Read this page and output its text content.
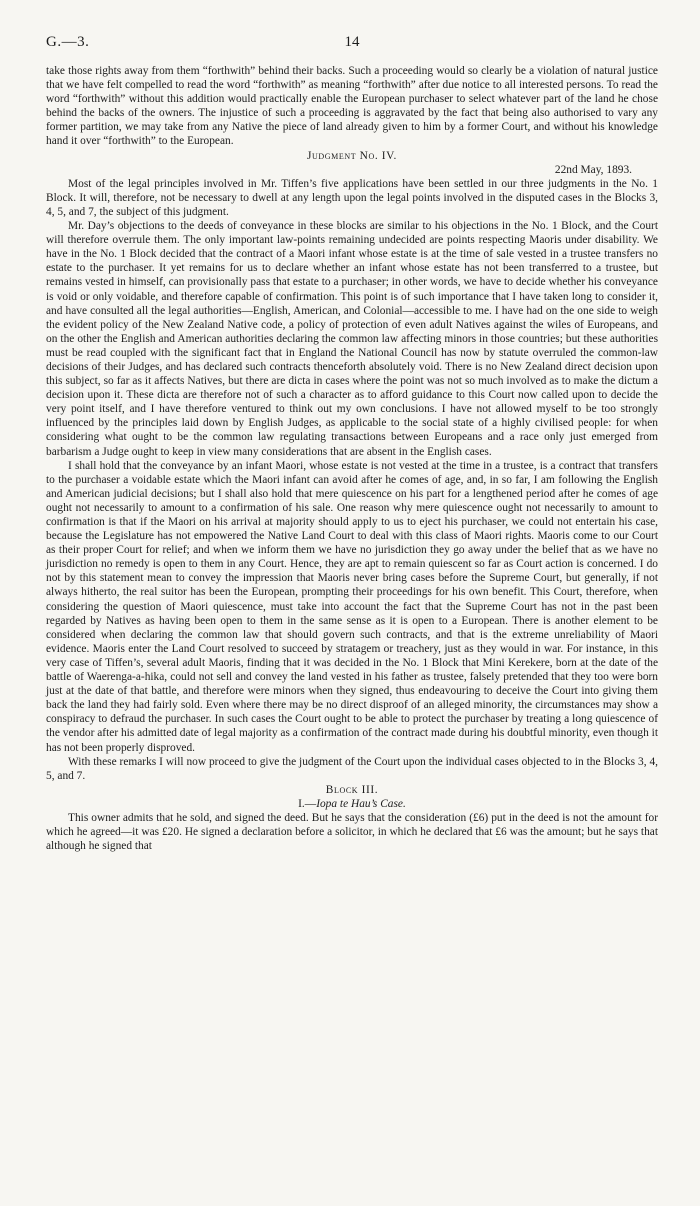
G.—3.	14

take those rights away from them “forthwith” behind their backs. Such a proceeding would so clearly be a violation of natural justice that we have felt compelled to read the word “forthwith” as meaning “forthwith” after due notice to all interested persons. To read the word “forthwith” without this addition would practically enable the European purchaser to select whatever part of the land he chose behind the backs of the owners. The injustice of such a proceeding is aggravated by the fact that being also authorised to vary any former partition, we may take from any Native the piece of land already given to him by a former Court, and without his knowledge hand it over “forthwith” to the European.

Judgment No. IV.

22nd May, 1893.

Most of the legal principles involved in Mr. Tiffen’s five applications have been settled in our three judgments in the No. 1 Block. It will, therefore, not be necessary to dwell at any length upon the legal points involved in the disputed cases in the Blocks 3, 4, 5, and 7, the subject of this judgment.

Mr. Day’s objections to the deeds of conveyance in these blocks are similar to his objections in the No. 1 Block, and the Court will therefore overrule them. The only important law-points remaining undecided are points respecting Maoris under disability. We have in the No. 1 Block decided that the contract of a Maori infant whose estate is at the time of sale vested in a trustee transfers no estate to the purchaser. It yet remains for us to declare whether an infant whose estate has not been transferred to a trustee, but remains vested in himself, can provisionally pass that estate to a purchaser; in other words, we have to decide whether his conveyance is void or only voidable, and therefore capable of confirmation. This point is of such importance that I have taken long to consider it, and have consulted all the legal authorities—English, American, and Colonial—accessible to me. I have had on the one side to weigh the evident policy of the New Zealand Native code, a policy of protection of even adult Natives against the wiles of Europeans, and on the other the English and American authorities declaring the common law affecting minors in those countries; but these authorities must be read coupled with the significant fact that in England the National Council has now by statute overruled the common-law decisions of their Judges, and has declared such contracts thenceforth absolutely void. There is no New Zealand direct decision upon this subject, so far as it affects Natives, but there are dicta in cases where the point was not so much involved as to make the dictum a decision upon it. These dicta are therefore not of such a character as to afford guidance to this Court now called upon to decide the very point itself, and I have therefore ventured to think out my own conclusions. I have not allowed myself to be too strongly influenced by the principles laid down by English Judges, as applicable to the social state of a highly civilised people: for when considering what ought to be the common law regulating transactions between Europeans and a race only just emerged from barbarism a Judge ought to keep in view many considerations that are absent in the English cases.

I shall hold that the conveyance by an infant Maori, whose estate is not vested at the time in a trustee, is a contract that transfers to the purchaser a voidable estate which the Maori infant can avoid after he comes of age, and, in so far, I am following the English and American judicial decisions; but I shall also hold that mere quiescence on his part for a lengthened period after he comes of age ought not necessarily to amount to a confirmation of his sale. One reason why mere quiescence ought not necessarily to amount to confirmation is that if the Maori on his arrival at majority should apply to us to eject his purchaser, we could not entertain his case, because the Legislature has not empowered the Native Land Court to deal with this class of Maori rights. Maoris come to our Court as their proper Court for relief; and when we inform them we have no jurisdiction they go away under the belief that as we have no jurisdiction no remedy is open to them in any Court. Hence, they are apt to remain quiescent so far as Court action is concerned. I do not by this statement mean to convey the impression that Maoris never bring cases before the Supreme Court, but generally, if not always hitherto, the real suitor has been the European, prompting their proceedings for his own benefit. This Court, therefore, when considering the question of Maori quiescence, must take into account the fact that the Supreme Court has not in the past been regarded by Natives as having been open to them in the same sense as it is open to a European. There is another element to be considered when declaring the common law that should govern such contracts, and that is the extreme unreliability of Maori evidence. Maoris enter the Land Court resolved to succeed by stratagem or treachery, just as they would in war. For instance, in this very case of Tiffen’s, several adult Maoris, finding that it was decided in the No. 1 Block that Mini Kerekere, born at the date of the battle of Waerenga-a-hika, could not sell and convey the land vested in his father as trustee, falsely pretended that they too were born just at the date of that battle, and therefore were minors when they signed, thus endeavouring to deceive the Court into giving them back the land they had fairly sold. Even where there may be no direct disproof of an alleged minority, the circumstances may show a conspiracy to defraud the purchaser. In such cases the Court ought to be able to protect the purchaser by treating a long quiescence of the vendor after his admitted date of legal majority as a confirmation of the contract made during his doubtful minority, even though it has not been properly disproved.

With these remarks I will now proceed to give the judgment of the Court upon the individual cases objected to in the Blocks 3, 4, 5, and 7.

Block III.

I.—Iopa te Hau’s Case.

This owner admits that he sold, and signed the deed. But he says that the consideration (£6) put in the deed is not the amount for which he agreed—it was £20. He signed a declaration before a solicitor, in which he declared that £6 was the amount; but he says that although he signed that
